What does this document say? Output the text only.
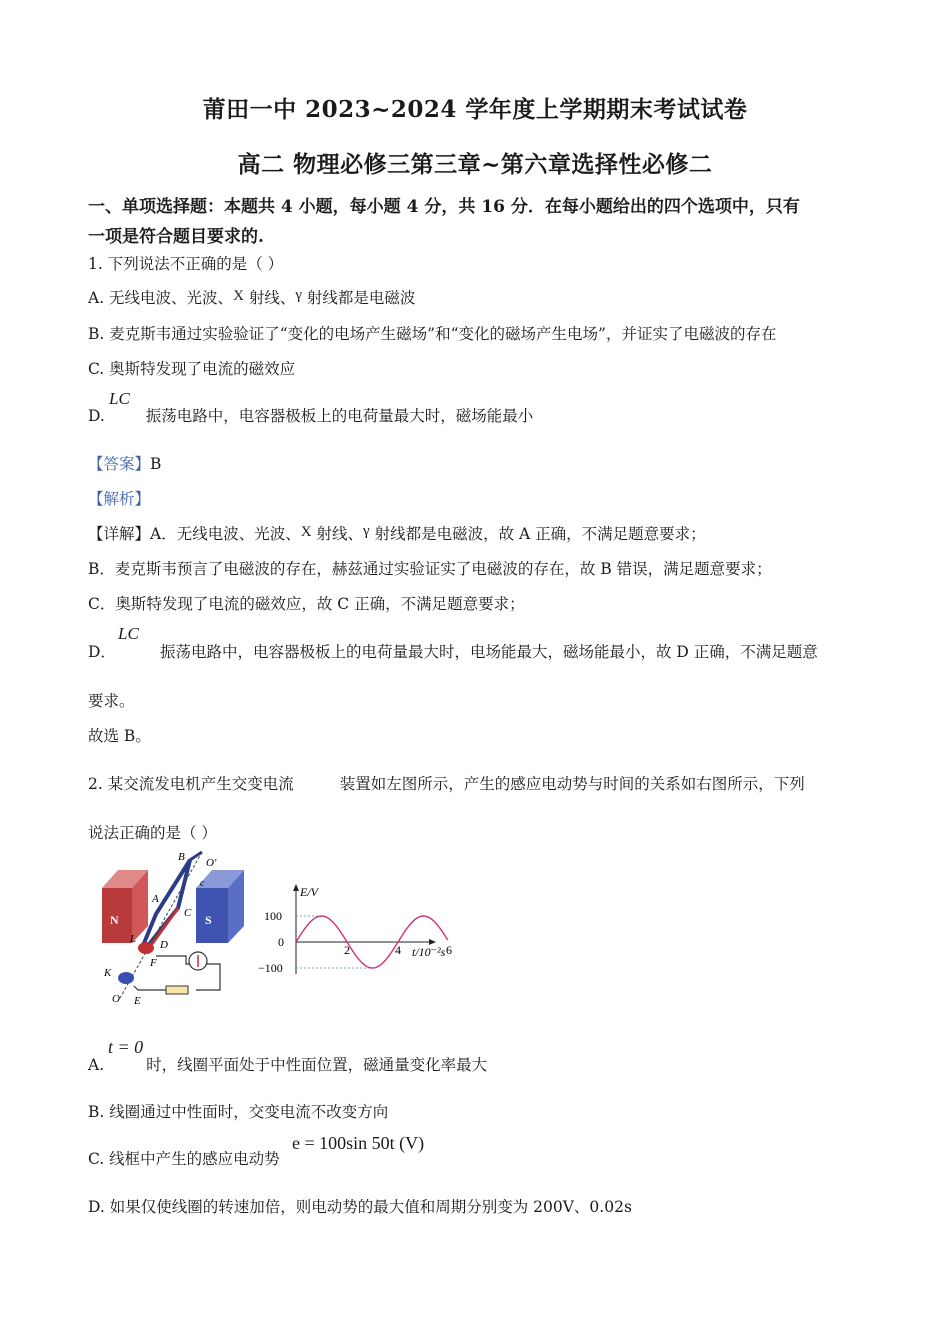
莆田一中 2023~2024 学年度上学期期末考试试卷
高二 物理必修三第三章~第六章选择性必修二
一、单项选择题：本题共 4 小题，每小题 4 分，共 16 分．在每小题给出的四个选项中，只有
一项是符合题目要求的.
1. 下列说法不正确的是（ ）
A. 无线电波、光波、X 射线、γ 射线都是电磁波
B. 麦克斯韦通过实验验证了“变化的电场产生磁场”和“变化的磁场产生电场”，并证实了电磁波的存在
C. 奥斯特发现了电流的磁效应
D. 振荡电路中，电容器极板上的电荷量最大时，磁场能最小
LC
【答案】B
【解析】
【详解】A．无线电波、光波、X 射线、γ 射线都是电磁波，故 A 正确，不满足题意要求；
B．麦克斯韦预言了电磁波的存在，赫兹通过实验证实了电磁波的存在，故 B 错误，满足题意要求；
C．奥斯特发现了电流的磁效应，故 C 正确，不满足题意要求；
D．	振荡电路中，电容器极板上的电荷量最大时，电场能最大，磁场能最小，故 D 正确，不满足题意
LC
要求。
故选 B。
2. 某交流发电机产生交变电流	装置如左图所示，产生的感应电动势与时间的关系如右图所示，下列
说法正确的是（ ）
N	S
B O′
c
A
C
L D
F
K
E
O
E/V
t/10⁻²s
100
0
−100
2	4	6
A.	时，线圈平面处于中性面位置，磁通量变化率最大
t = 0
B. 线圈通过中性面时，交变电流不改变方向
C. 线框中产生的感应电动势
e = 100sin 50t (V)
D. 如果仅使线圈的转速加倍，则电动势的最大值和周期分别变为 200V、0.02s
